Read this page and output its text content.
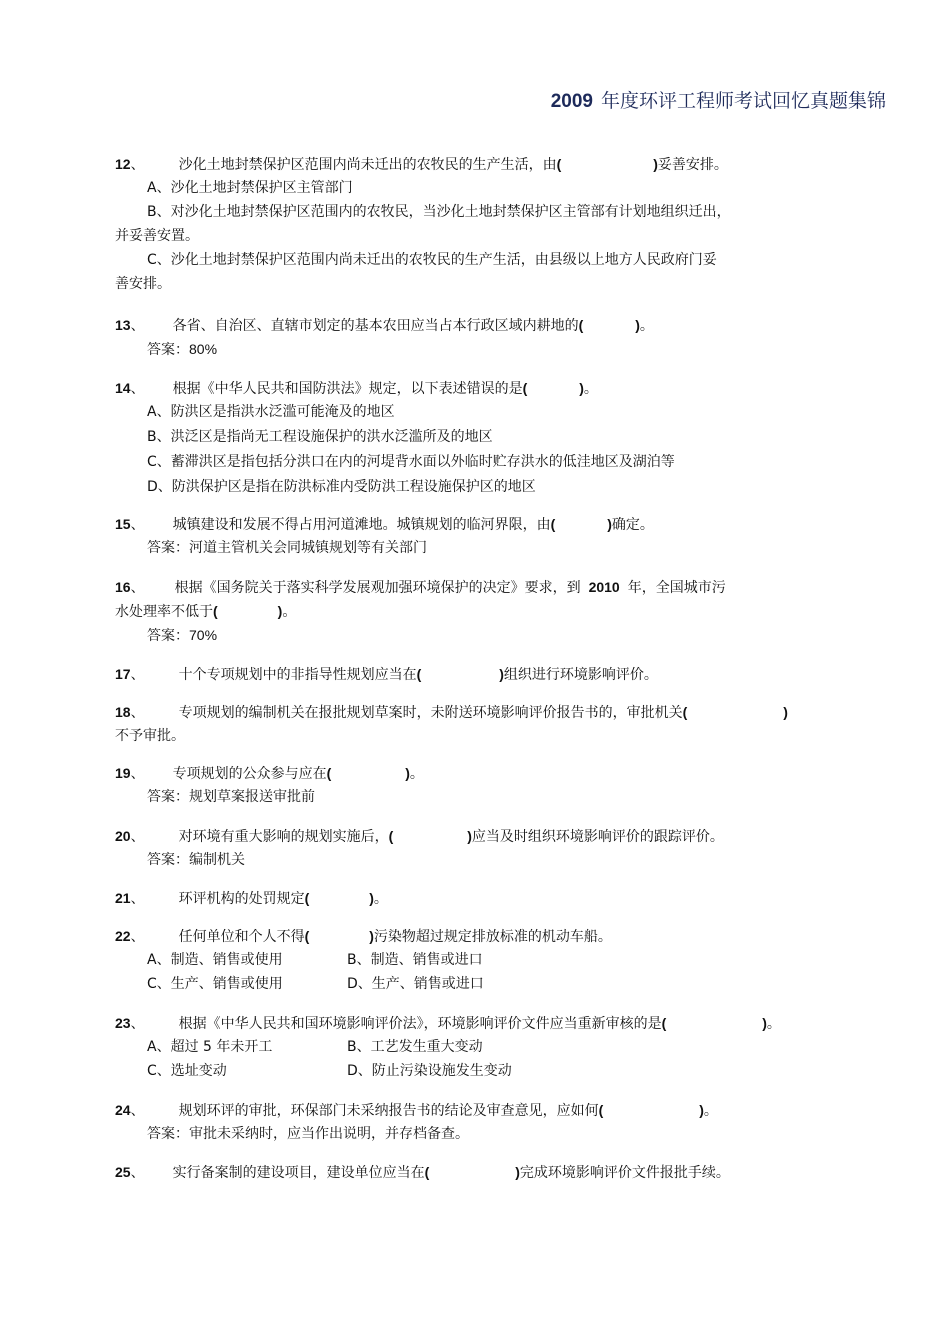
2009 年度环评工程师考试回忆真题集锦
12、 沙化土地封禁保护区范围内尚未迁出的农牧民的生产生活，由(	)妥善安排。
A、沙化土地封禁保护区主管部门
B、对沙化土地封禁保护区范围内的农牧民，当沙化土地封禁保护区主管部有计划地组织迁出，
并妥善安置。
C、沙化土地封禁保护区范围内尚未迁出的农牧民的生产生活，由县级以上地方人民政府门妥
善安排。
13、 各省、自治区、直辖市划定的基本农田应当占本行政区域内耕地的(	)。
答案：80%
14、 根据《中华人民共和国防洪法》规定，以下表述错误的是(	)。
A、防洪区是指洪水泛滥可能淹及的地区
B、洪泛区是指尚无工程设施保护的洪水泛滥所及的地区
C、蓄滞洪区是指包括分洪口在内的河堤背水面以外临时贮存洪水的低洼地区及湖泊等
D、防洪保护区是指在防洪标准内受防洪工程设施保护区的地区
15、 城镇建设和发展不得占用河道滩地。城镇规划的临河界限，由(	)确定。
答案：河道主管机关会同城镇规划等有关部门
16、 根据《国务院关于落实科学发展观加强环境保护的决定》要求，到 2010 年，全国城市污
水处理率不低于(	)。
答案：70%
17、 十个专项规划中的非指导性规划应当在(	)组织进行环境影响评价。
18、 专项规划的编制机关在报批规划草案时，未附送环境影响评价报告书的，审批机关(	)
不予审批。
19、 专项规划的公众参与应在(	)。
答案：规划草案报送审批前
20、 对环境有重大影响的规划实施后，(	)应当及时组织环境影响评价的跟踪评价。
答案：编制机关
21、 环评机构的处罚规定(	)。
22、 任何单位和个人不得(	)污染物超过规定排放标准的机动车船。
A、制造、销售或使用	B、制造、销售或进口
C、生产、销售或使用	D、生产、销售或进口
23、 根据《中华人民共和国环境影响评价法》，环境影响评价文件应当重新审核的是(	)。
A、超过 5 年未开工	B、工艺发生重大变动
C、选址变动	D、防止污染设施发生变动
24、 规划环评的审批，环保部门未采纳报告书的结论及审查意见，应如何(	)。
答案：审批未采纳时，应当作出说明，并存档备查。
25、 实行备案制的建设项目，建设单位应当在(	)完成环境影响评价文件报批手续。
